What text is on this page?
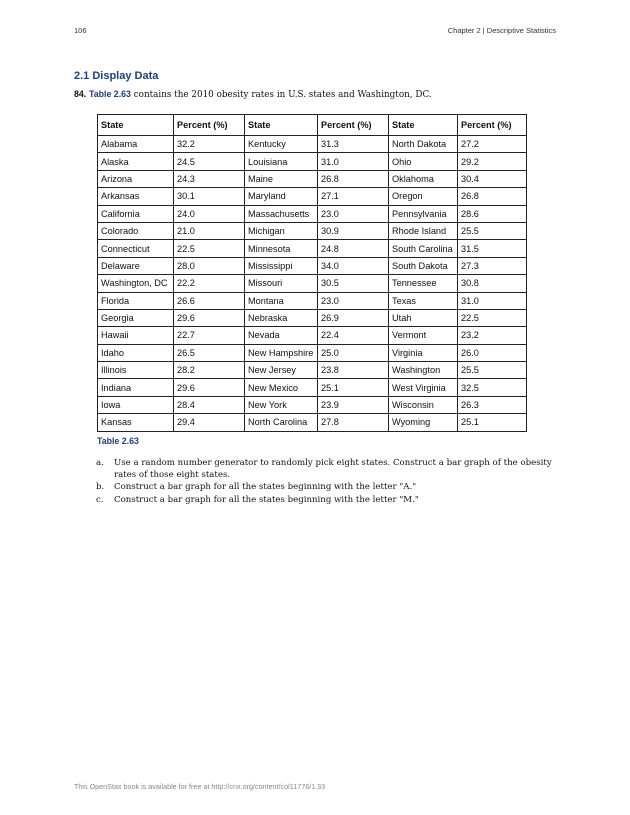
106	Chapter 2 | Descriptive Statistics
2.1 Display Data
84. Table 2.63 contains the 2010 obesity rates in U.S. states and Washington, DC.
State	Percent (%)	State	Percent (%)	State	Percent (%)
Alabama	32.2	Kentucky	31.3	North Dakota	27.2
Alaska	24.5	Louisiana	31.0	Ohio	29.2
Arizona	24.3	Maine	26.8	Oklahoma	30.4
Arkansas	30.1	Maryland	27.1	Oregon	26.8
California	24.0	Massachusetts	23.0	Pennsylvania	28.6
Colorado	21.0	Michigan	30.9	Rhode Island	25.5
Connecticut	22.5	Minnesota	24.8	South Carolina	31.5
Delaware	28.0	Mississippi	34.0	South Dakota	27.3
Washington, DC	22.2	Missouri	30.5	Tennessee	30.8
Florida	26.6	Montana	23.0	Texas	31.0
Georgia	29.6	Nebraska	26.9	Utah	22.5
Hawaii	22.7	Nevada	22.4	Vermont	23.2
Idaho	26.5	New Hampshire	25.0	Virginia	26.0
Illinois	28.2	New Jersey	23.8	Washington	25.5
Indiana	29.6	New Mexico	25.1	West Virginia	32.5
Iowa	28.4	New York	23.9	Wisconsin	26.3
Kansas	29.4	North Carolina	27.8	Wyoming	25.1
Table 2.63
a.	Use a random number generator to randomly pick eight states. Construct a bar graph of the obesity rates of those eight states.
b.	Construct a bar graph for all the states beginning with the letter "A."
c.	Construct a bar graph for all the states beginning with the letter "M."
This OpenStax book is available for free at http://cnx.org/content/col11776/1.33
